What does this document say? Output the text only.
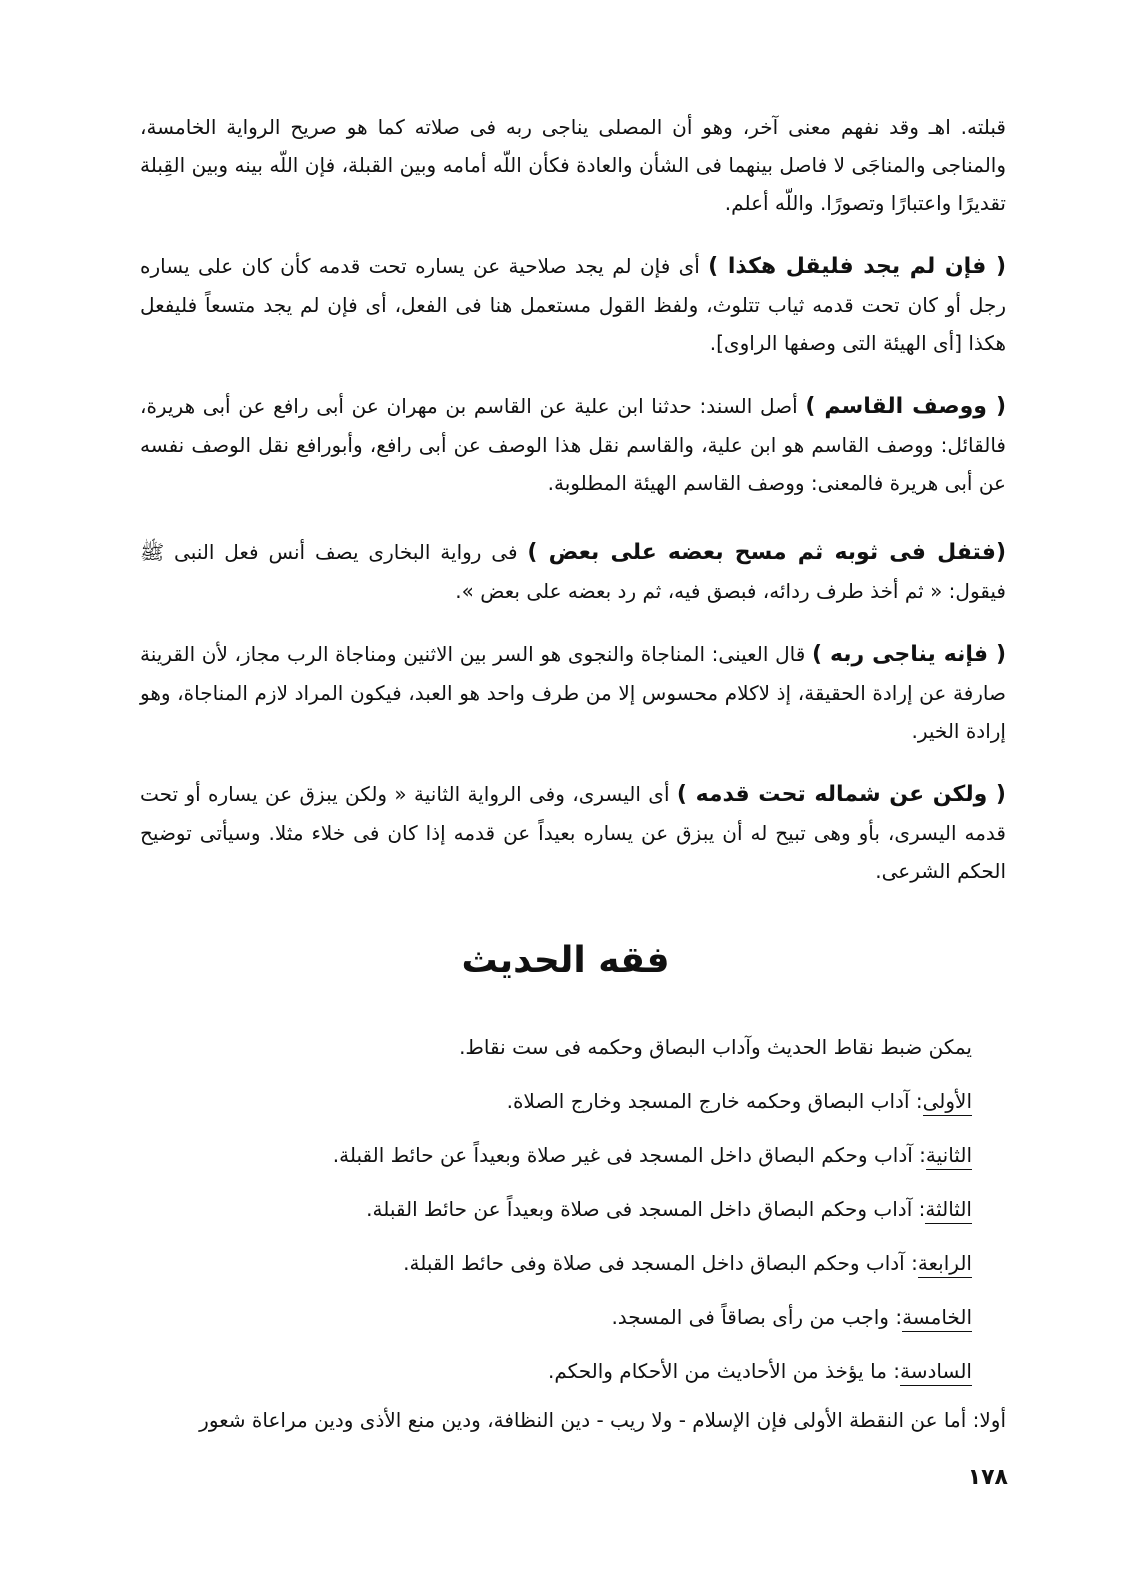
قبلته. اهـ وقد نفهم معنى آخر، وهو أن المصلى يناجى ربه فى صلاته كما هو صريح الرواية الخامسة، والمناجى والمناجَى لا فاصل بينهما فى الشأن والعادة فكأن اللّه أمامه وبين القبلة، فإن اللّه بينه وبين القِبلة تقديرًا واعتبارًا وتصورًا. واللّه أعلم.

( فإن لم يجد فليقل هكذا ) أى فإن لم يجد صلاحية عن يساره تحت قدمه كأن كان على يساره رجل أو كان تحت قدمه ثياب تتلوث، ولفظ القول مستعمل هنا فى الفعل، أى فإن لم يجد متسعاً فليفعل هكذا [أى الهيئة التى وصفها الراوى].

( ووصف القاسم ) أصل السند: حدثنا ابن علية عن القاسم بن مهران عن أبى رافع عن أبى هريرة، فالقائل: ووصف القاسم هو ابن علية، والقاسم نقل هذا الوصف عن أبى رافع، وأبورافع نقل الوصف نفسه عن أبى هريرة فالمعنى: ووصف القاسم الهيئة المطلوبة.

(فتفل فى ثوبه ثم مسح بعضه على بعض ) فى رواية البخارى يصف أنس فعل النبى ﷺ فيقول: « ثم أخذ طرف ردائه، فبصق فيه، ثم رد بعضه على بعض ».

( فإنه يناجى ربه ) قال العينى: المناجاة والنجوى هو السر بين الاثنين ومناجاة الرب مجاز، لأن القرينة صارفة عن إرادة الحقيقة، إذ لاكلام محسوس إلا من طرف واحد هو العبد، فيكون المراد لازم المناجاة، وهو إرادة الخير.

( ولكن عن شماله تحت قدمه ) أى اليسرى، وفى الرواية الثانية « ولكن يبزق عن يساره أو تحت قدمه اليسرى، بأو وهى تبيح له أن يبزق عن يساره بعيداً عن قدمه إذا كان فى خلاء مثلا. وسيأتى توضيح الحكم الشرعى.

فقه الحديث
يمكن ضبط نقاط الحديث وآداب البصاق وحكمه فى ست نقاط.
الأولى: آداب البصاق وحكمه خارج المسجد وخارج الصلاة.
الثانية: آداب وحكم البصاق داخل المسجد فى غير صلاة وبعيداً عن حائط القبلة.
الثالثة: آداب وحكم البصاق داخل المسجد فى صلاة وبعيداً عن حائط القبلة.
الرابعة: آداب وحكم البصاق داخل المسجد فى صلاة وفى حائط القبلة.
الخامسة: واجب من رأى بصاقاً فى المسجد.
السادسة: ما يؤخذ من الأحاديث من الأحكام والحكم.

أولا: أما عن النقطة الأولى فإن الإسلام - ولا ريب - دين النظافة، ودين منع الأذى ودين مراعاة شعور

١٧٨
